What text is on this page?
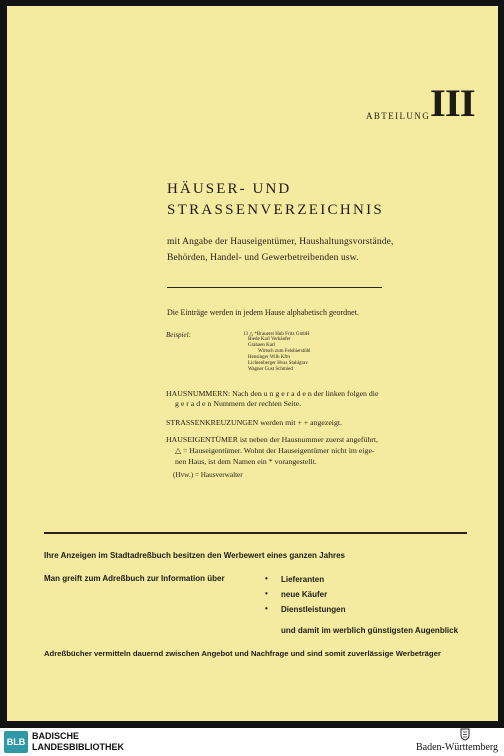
ABTEILUNG III
HÄUSER- UND
STRASSENVERZEICHNIS
mit Angabe der Hauseigentümer, Haushaltungsvorstände,
Behörden, Handel- und Gewerbetreibenden usw.
Die Einträge werden in jedem Hause alphabetisch geordnet.
Beispiel:	13 △ *Brauerei Hub Fritz GmbH
Biede Karl Verkäufer
Grahaen Karl
Wirtsch zum Felsbierstübl
Hensinger Wilh Kfm
Lichtenberger Hvas Stahlgrav
Wagner Gust Schmied
HAUSNUMMERN: Nach den u n g e r a d e n der linken folgen die
g e r a d e n Nummern der rechten Seite.
STRASSENKREUZUNGEN werden mit + + angezeigt.
HAUSEIGENTÜMER ist neben der Hausnummer zuerst angeführt,
△ = Hauseigentümer. Wohnt der Hauseigentümer nicht im eige-
nen Haus, ist dem Namen ein * vorangestellt.
(Hvw.) = Hausverwalter
Ihre Anzeigen im Stadtadreßbuch besitzen den Werbewert eines ganzen Jahres
Man greift zum Adreßbuch zur Information über	• Lieferanten
• neue Käufer
• Dienstleistungen
und damit im werblich günstigsten Augenblick
Adreßbücher vermitteln dauernd zwischen Angebot und Nachfrage und sind somit zuverlässige Werbeträger
BLB
BADISCHE
LANDESBIBLIOTHEK	Baden-Württemberg
